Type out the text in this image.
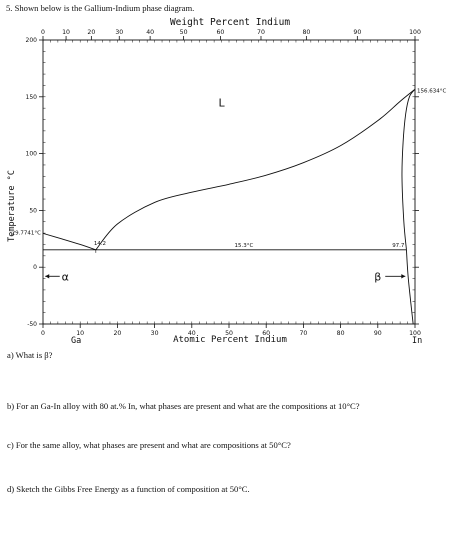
5. Shown below is the Gallium-Indium phase diagram.
0	10	20	30	40	50	60	70	80	90	100
0	10	20	30	40	50	60	70	80	90	100
200
150
100
50
0
-50
156.634°C
29.7741°C
14.2	15.3°C	97.7
L
α	β
Weight Percent Indium
Atomic Percent Indium
Temperature °C
Ga	In
a) What is β?
b) For an Ga-In alloy with 80 at.% In, what phases are present and what are the compositions at 10°C?
c) For the same alloy, what phases are present and what are compositions at 50°C?
d) Sketch the Gibbs Free Energy as a function of composition at 50°C.
